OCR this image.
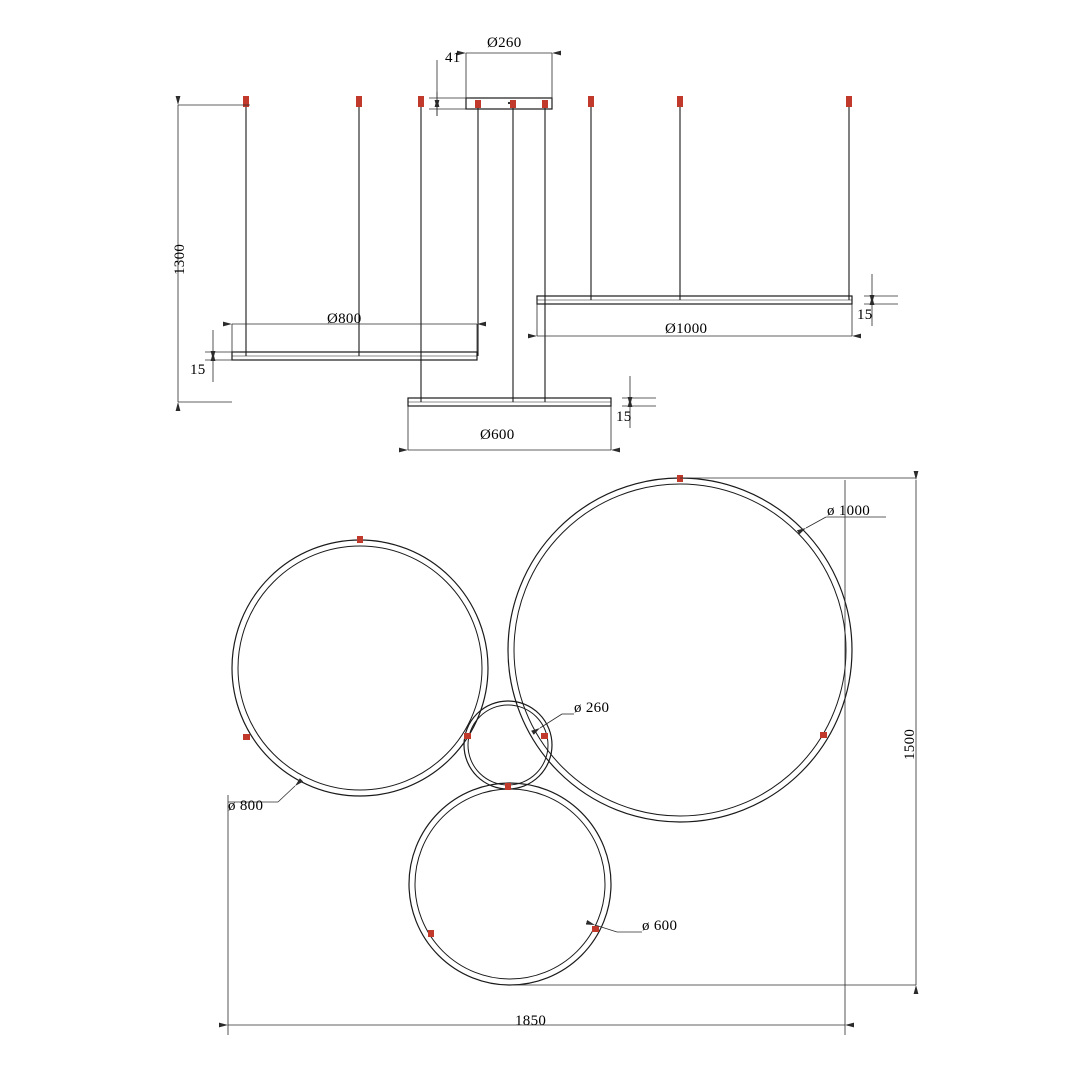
1300
Ø260
41
Ø800
15
Ø1000
15
Ø600
15
1500
1850
ø 1000
ø 800
ø 600
ø 260
